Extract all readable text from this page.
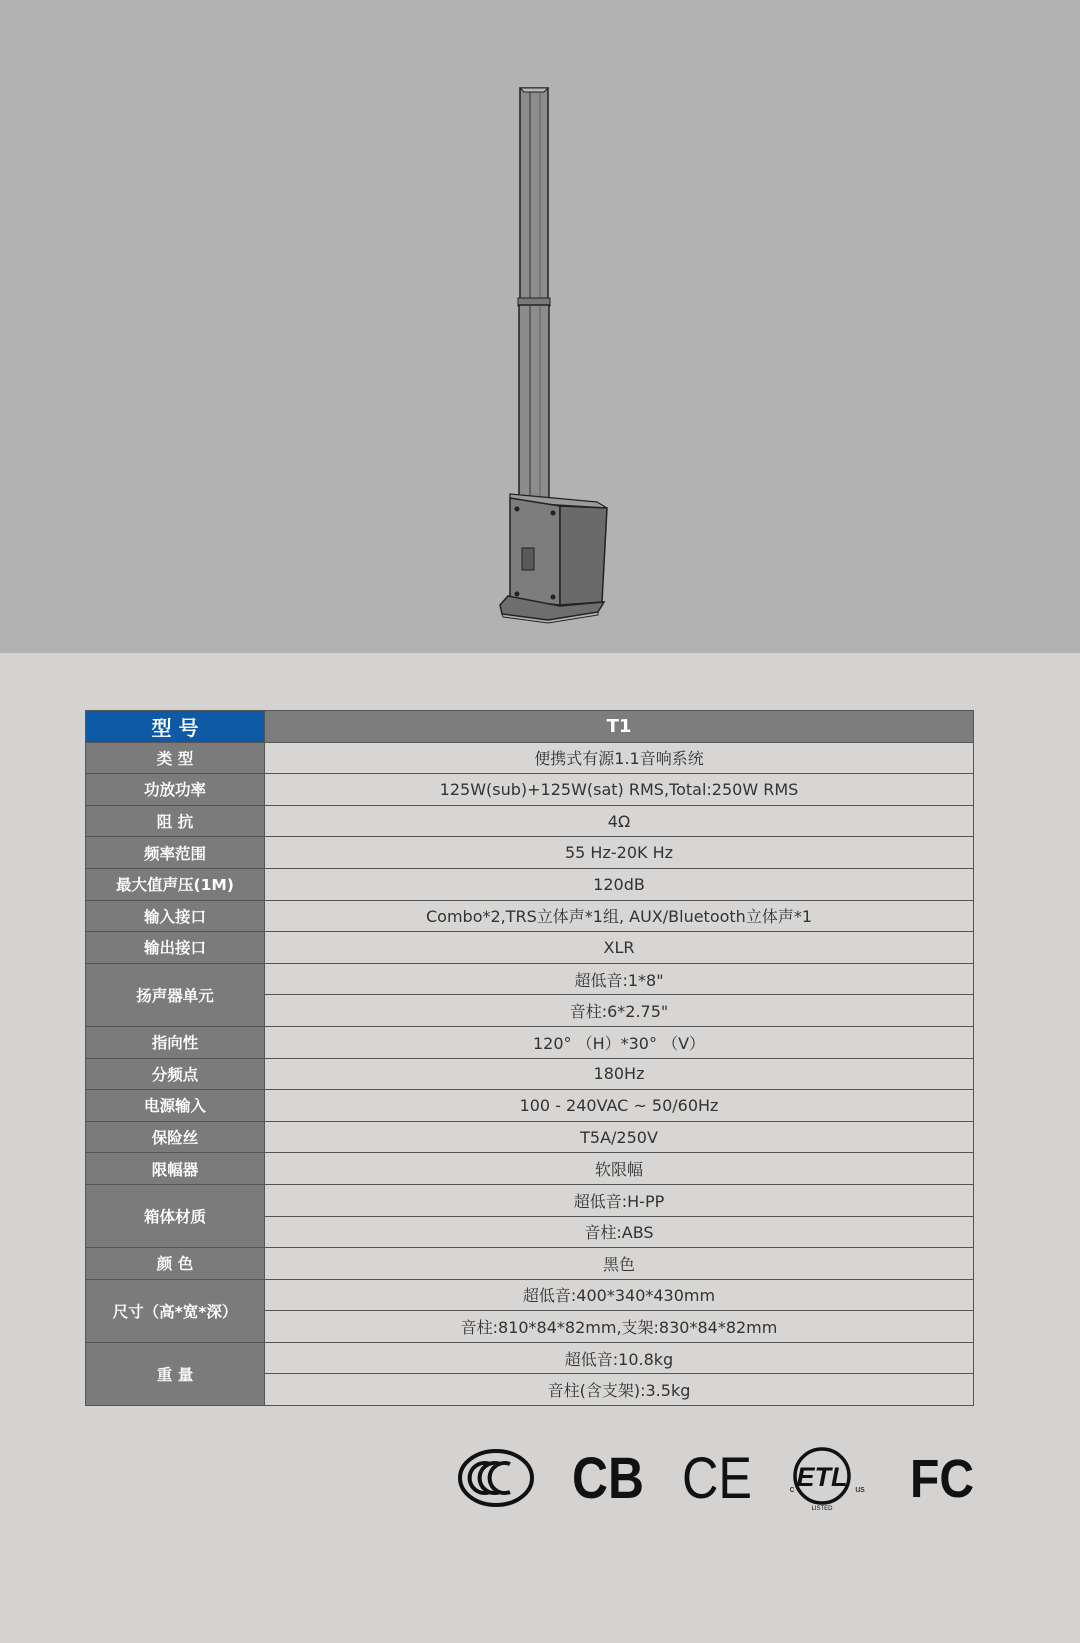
型 号	T1
类 型	便携式有源1.1音响系统
功放功率	125W(sub)+125W(sat) RMS,Total:250W RMS
阻 抗	4Ω
频率范围	55 Hz-20K Hz
最大值声压(1M)	120dB
输入接口	Combo*2,TRS立体声*1组, AUX/Bluetooth立体声*1
输出接口	XLR
扬声器单元	超低音:1*8"
	音柱:6*2.75"
指向性	120° （H）*30° （V）
分频点	180Hz
电源输入	100 - 240VAC ~ 50/60Hz
保险丝	T5A/250V
限幅器	软限幅
箱体材质	超低音:H-PP
	音柱:ABS
颜 色	黑色
尺寸（高*宽*深）	超低音:400*340*430mm
	音柱:810*84*82mm,支架:830*84*82mm
重 量	超低音:10.8kg
	音柱(含支架):3.5kg
CB CE ETL
c	us
LISTED FC
